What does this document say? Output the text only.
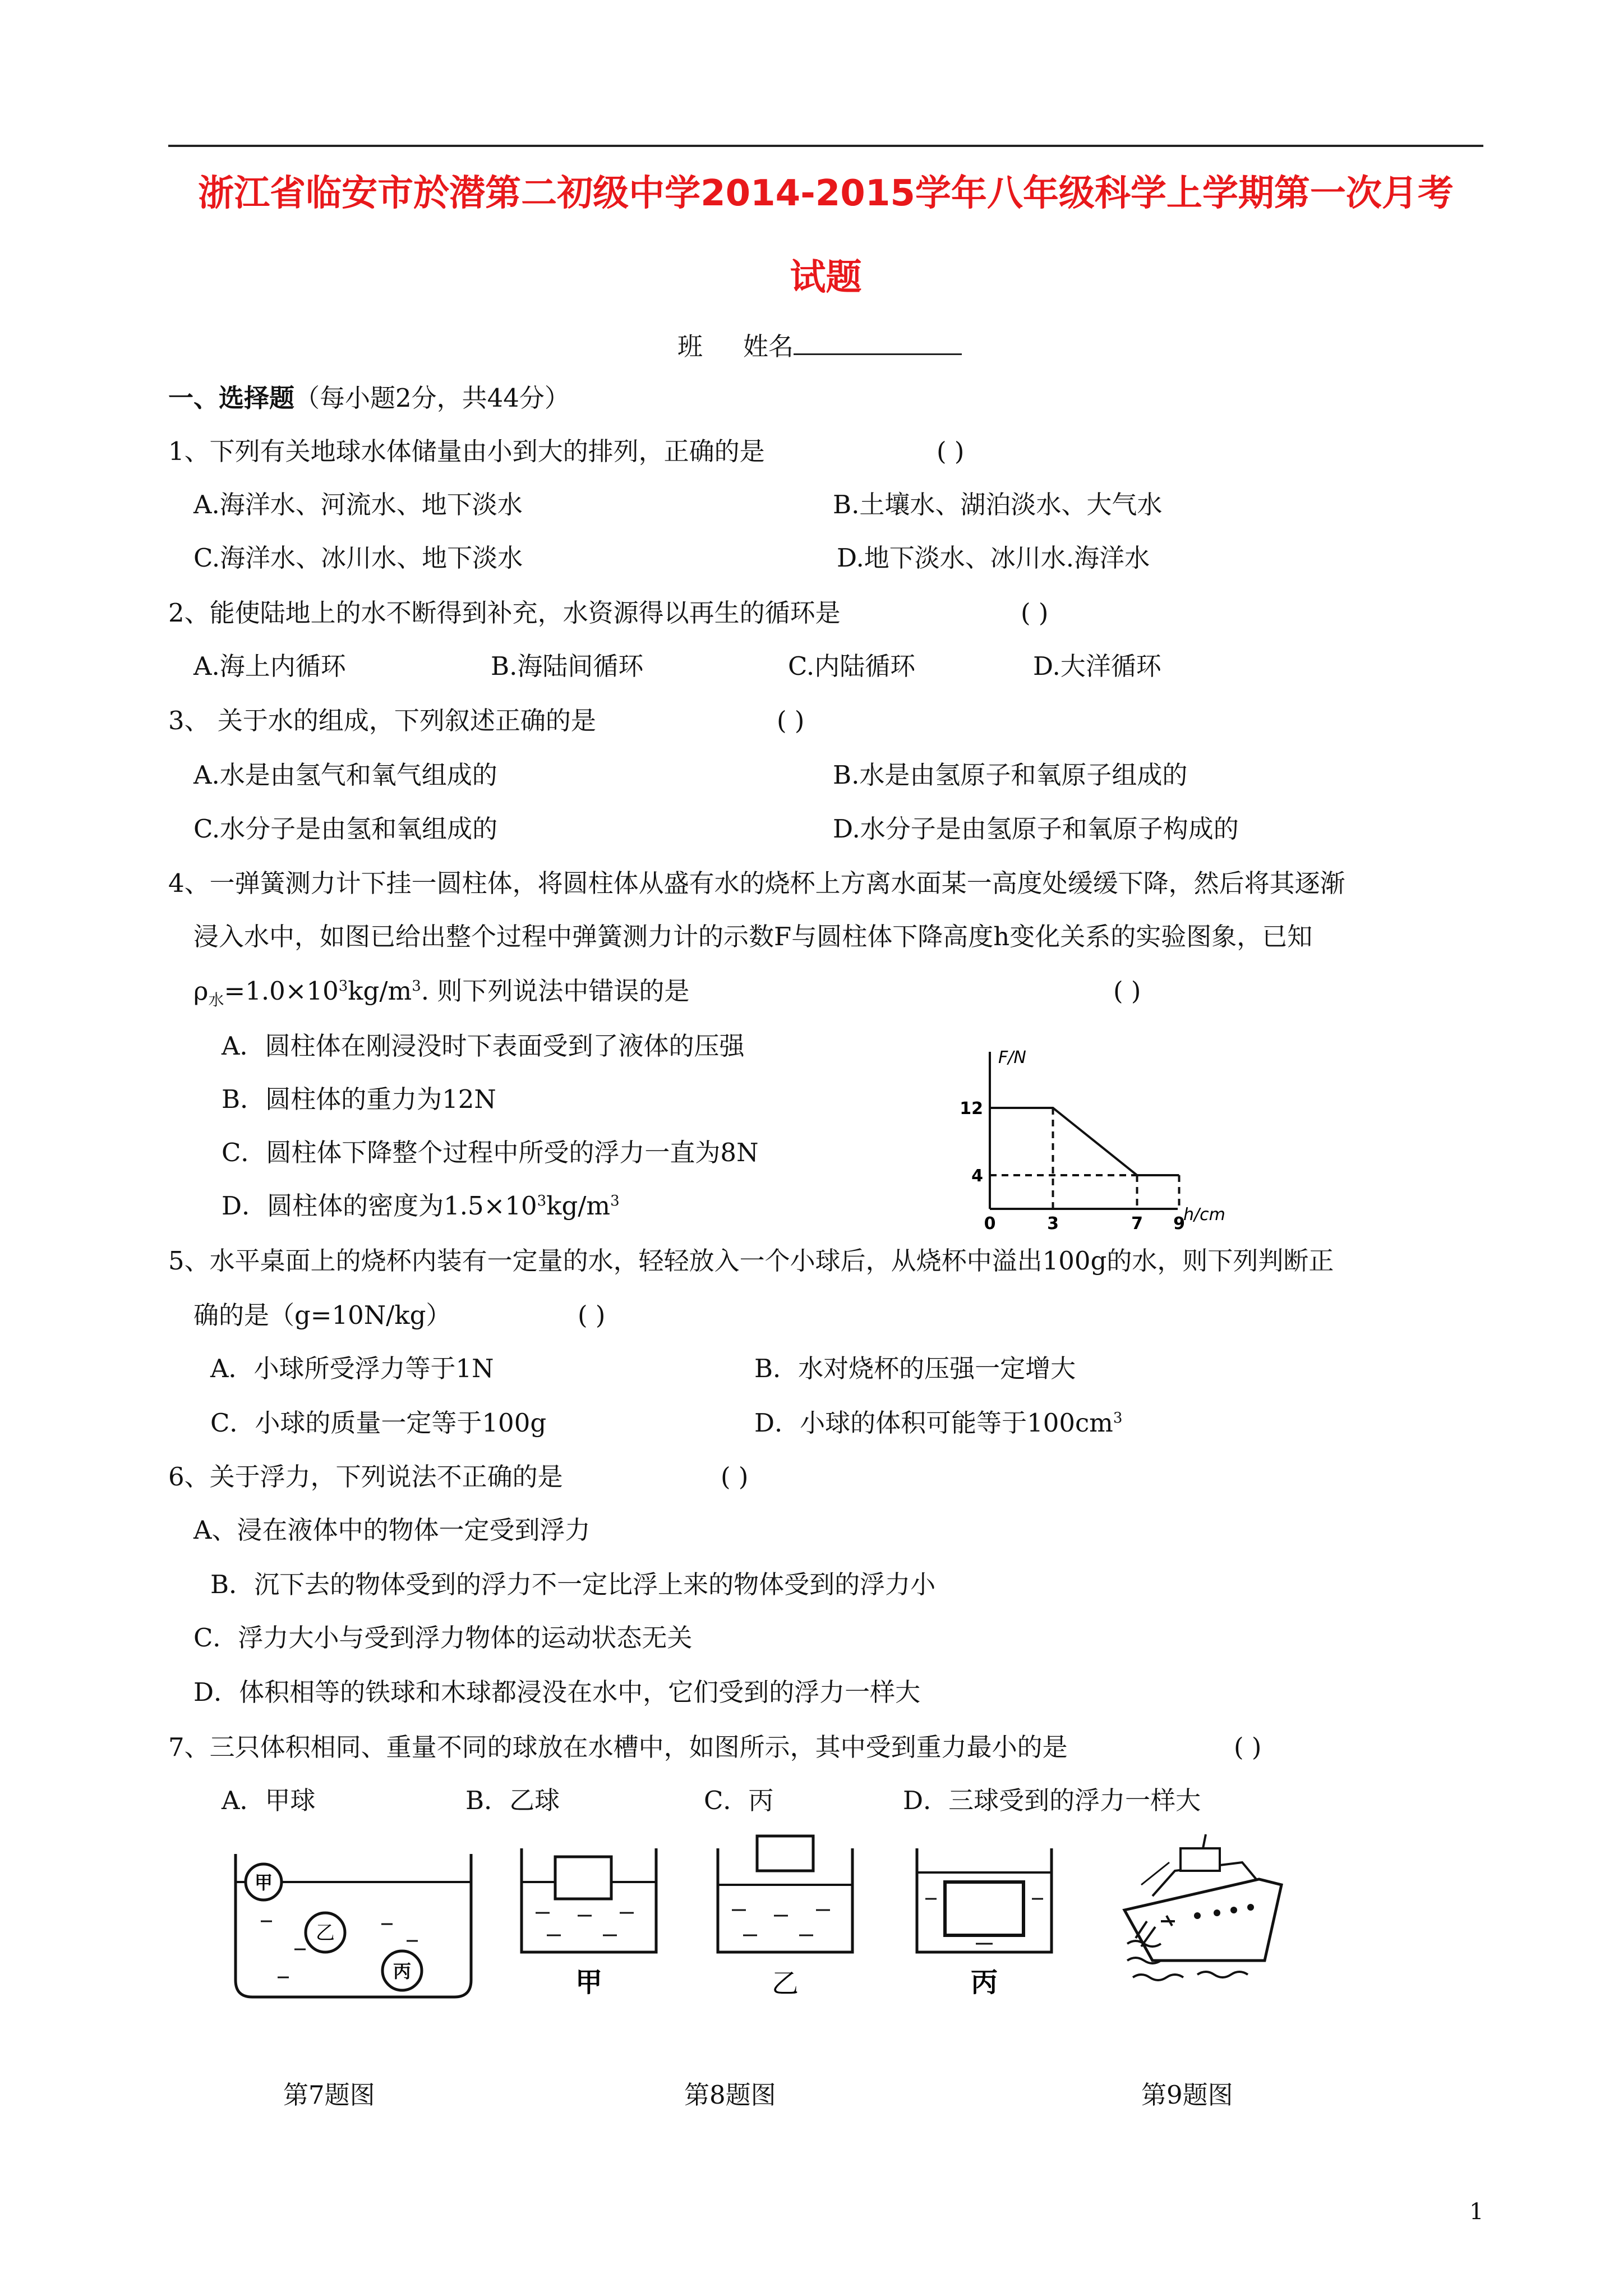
浙江省临安市於潜第二初级中学2014-2015学年八年级科学上学期第一次月考
试题
班 姓名
一、选择题（每小题2分，共44分）
1、下列有关地球水体储量由小到大的排列，正确的是	( )
A.海洋水、河流水、地下淡水	B.土壤水、湖泊淡水、大气水
C.海洋水、冰川水、地下淡水	D.地下淡水、冰川水.海洋水
2、能使陆地上的水不断得到补充，水资源得以再生的循环是	( )
A.海上内循环	B.海陆间循环	C.内陆循环	D.大洋循环
3、 关于水的组成，下列叙述正确的是	( )
A.水是由氢气和氧气组成的	B.水是由氢原子和氧原子组成的
C.水分子是由氢和氧组成的	D.水分子是由氢原子和氧原子构成的
4、一弹簧测力计下挂一圆柱体，将圆柱体从盛有水的烧杯上方离水面某一高度处缓缓下降，然后将其逐渐
浸入水中，如图已给出整个过程中弹簧测力计的示数F与圆柱体下降高度h变化关系的实验图象，已知
$\rho_水=1.0\times 10^3kg/m^3$. 则下列说法中错误的是	( )
A．圆柱体在刚浸没时下表面受到了液体的压强
B．圆柱体的重力为12N
C．圆柱体下降整个过程中所受的浮力一直为8N
D．圆柱体的密度为$1.5\times 10^3kg/m^3$
F/N
h/cm
0	3	7 9
12
4
5、水平桌面上的烧杯内装有一定量的水，轻轻放入一个小球后，从烧杯中溢出100g的水，则下列判断正
确的是（g=10N/kg）	( )
A．小球所受浮力等于1N	B．水对烧杯的压强一定增大
C．小球的质量一定等于100g	D．小球的体积可能等于$100cm^3$
6、关于浮力，下列说法不正确的是	( )
A、浸在液体中的物体一定受到浮力
B．沉下去的物体受到的浮力不一定比浮上来的物体受到的浮力小
C．浮力大小与受到浮力物体的运动状态无关
D．体积相等的铁球和木球都浸没在水中，它们受到的浮力一样大
7、三只体积相同、重量不同的球放在水槽中，如图所示，其中受到重力最小的是	( )
A．甲球	B．乙球	C．丙	D．三球受到的浮力一样大
甲
乙
丙	甲	乙	丙
第7题图	第8题图	第9题图
1
